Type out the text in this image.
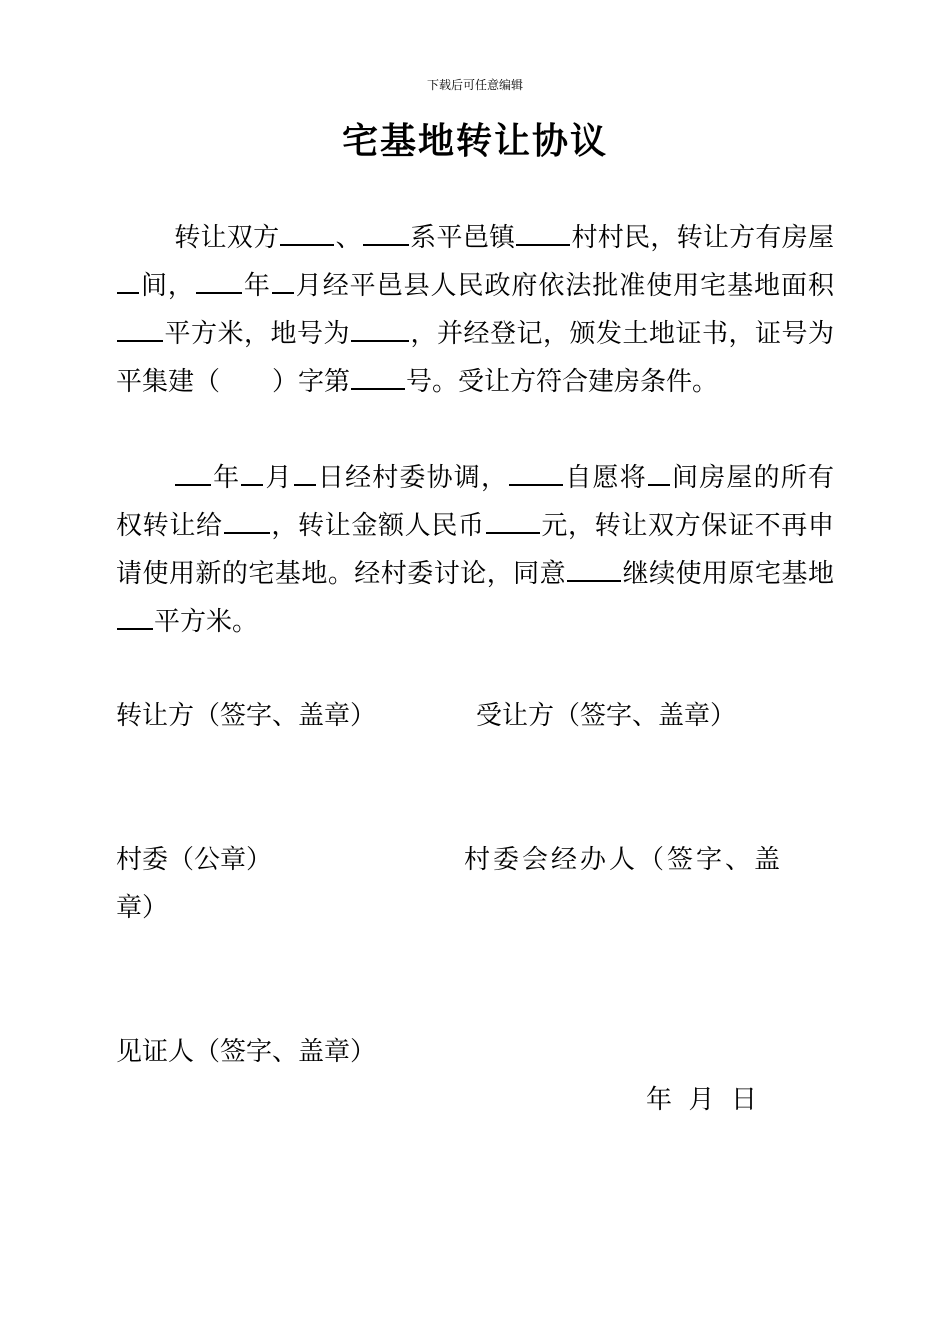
下载后可任意编辑
宅基地转让协议
转让双方 、 系平邑镇 村村民，转让方有房屋间， 年 月经平邑县人民政府依法批准使用宅基地面积平方米，地号为 ，并经登记，颁发土地证书，证号为平集建（　　）字第 号。受让方符合建房条件。
年 月 日经村委协调， 自愿将 间房屋的所有权转让给 ，转让金额人民币 元，转让双方保证不再申请使用新的宅基地。经村委讨论，同意 继续使用原宅基地平方米。
转让方（签字、盖章）	受让方（签字、盖章）
村委（公章）	村委会经办人（签字、盖
章）
见证人（签字、盖章）
年  月  日
